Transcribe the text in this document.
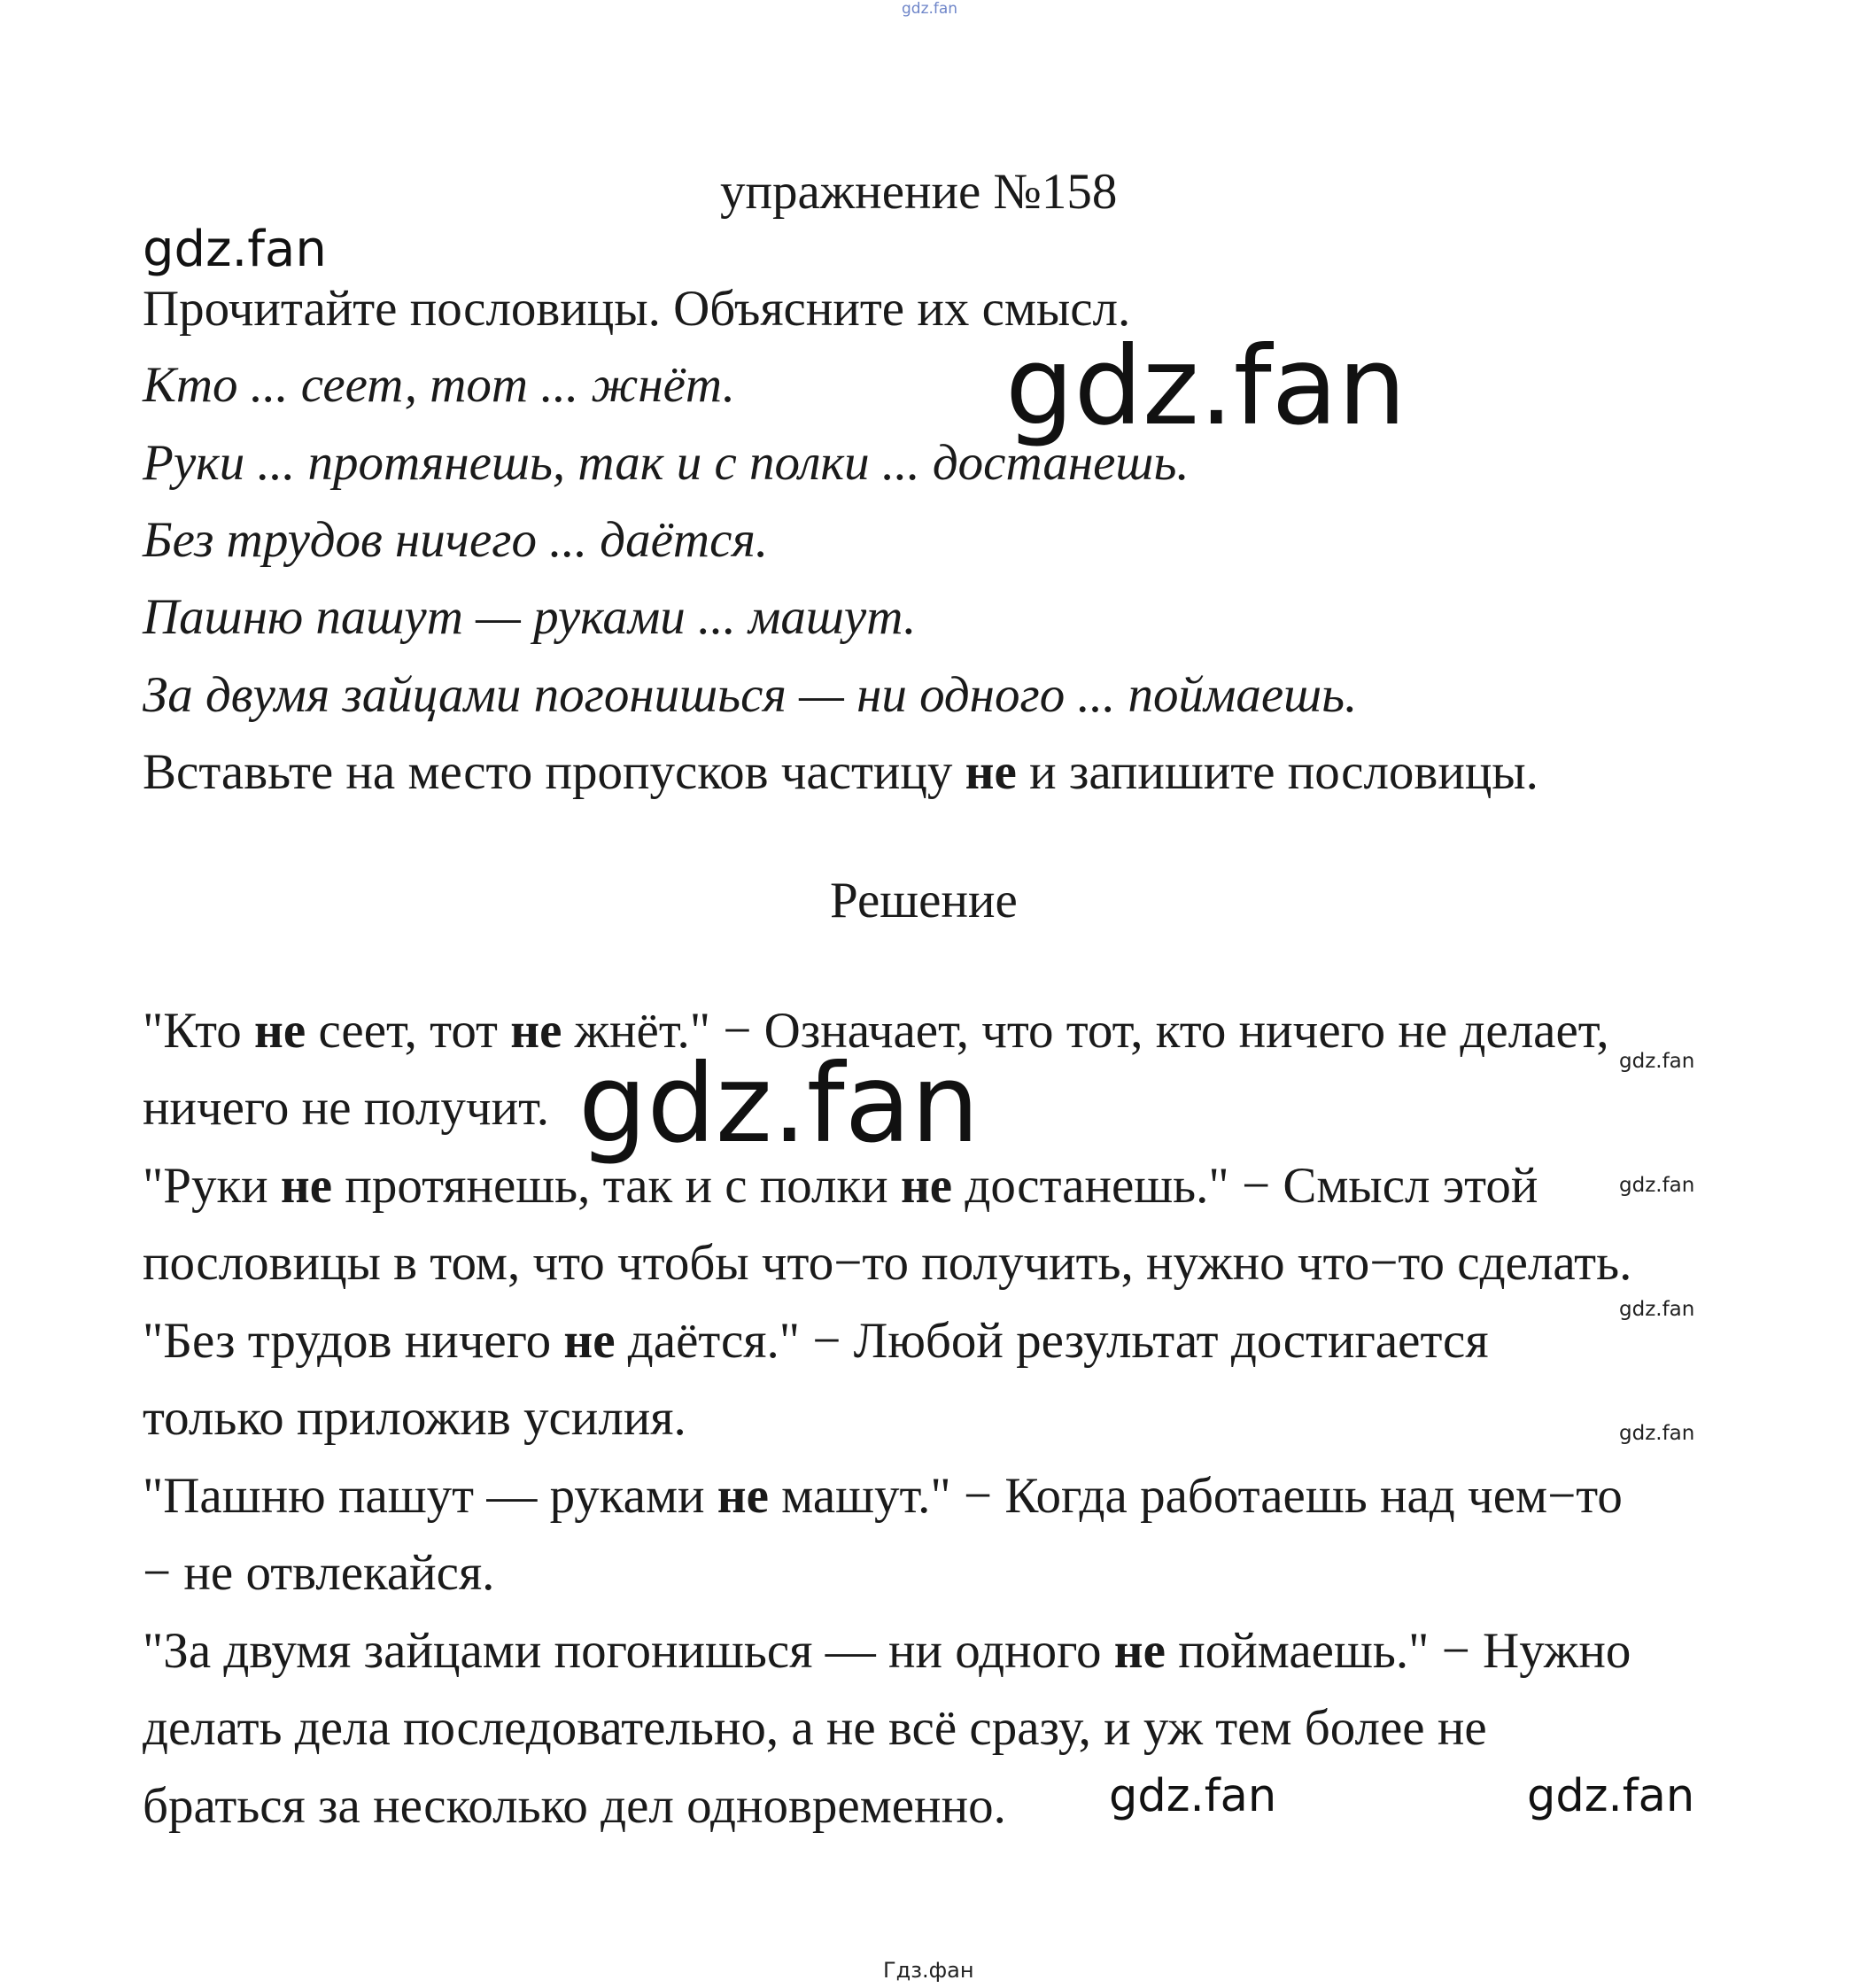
gdz.fan
gdz.fan
упражнение №158
Прочитайте пословицы. Объясните их смысл.
Кто ... сеет, тот ... жнёт.
Руки ... протянешь, так и с полки ... достанешь.
Без трудов ничего ... даётся.
Пашню пашут — руками ... машут.
За двумя зайцами погонишься — ни одного ... поймаешь.
gdz.fan
Вставьте на место пропусков частицу не и запишите пословицы.
Решение
"Кто не сеет, тот не жнёт." − Означает, что тот, кто ничего не делает,
ничего не получит. gdz.fan
"Руки не протянешь, так и с полки не достанешь." − Смысл этой
пословицы в том, что чтобы что−то получить, нужно что−то сделать.
"Без трудов ничего не даётся." − Любой результат достигается
только приложив усилия.
"Пашню пашут — руками не машут." − Когда работаешь над чем−то
− не отвлекайся.
"За двумя зайцами погонишься — ни одного не поймаешь." − Нужно
делать дела последовательно, а не всё сразу, и уж тем более не
браться за несколько дел одновременно.
gdz.fan
gdz.fan
gdz.fan
gdz.fan
gdz.fan	gdz.fan
Гдз.фан
